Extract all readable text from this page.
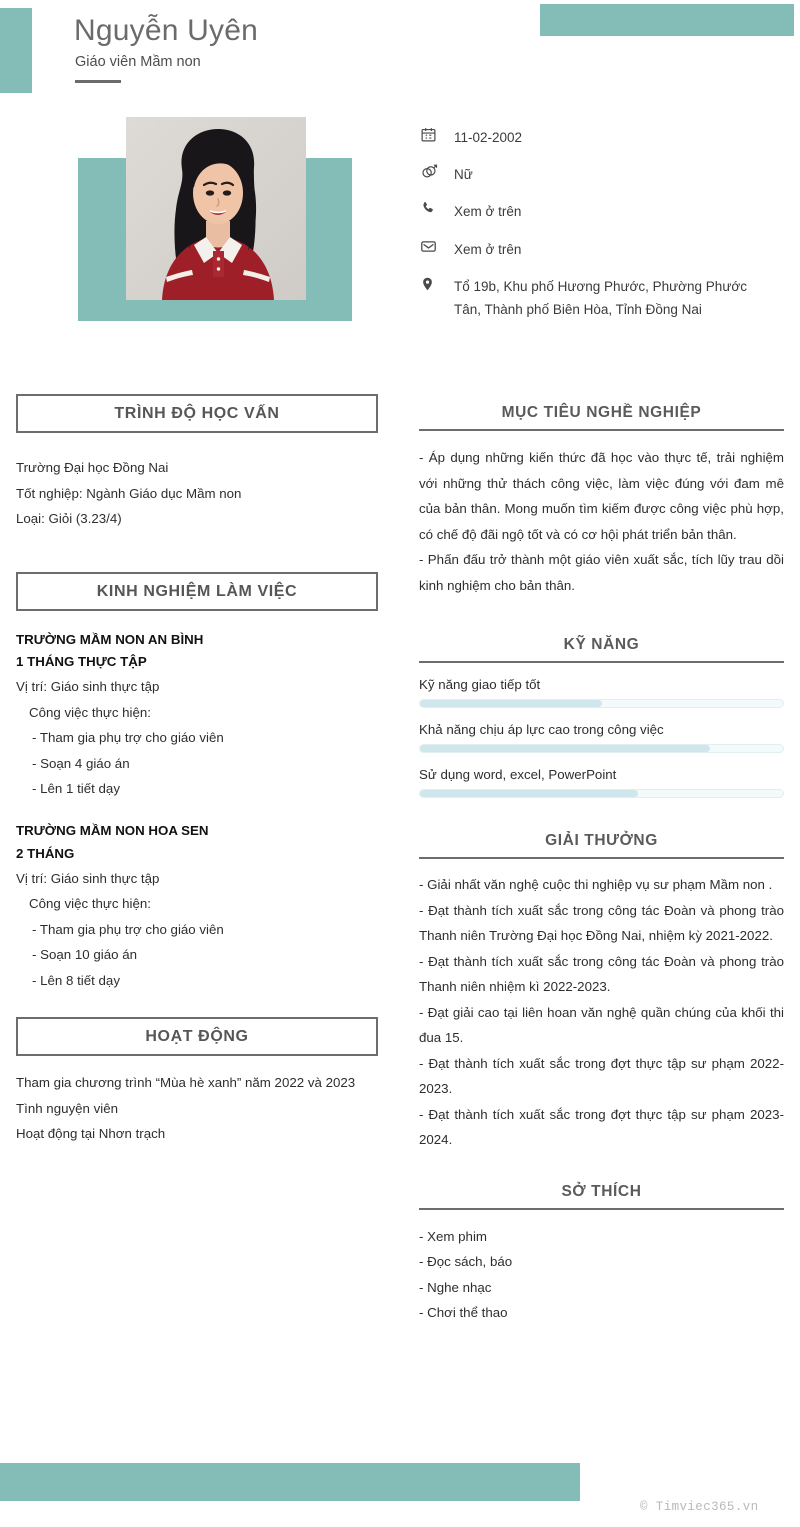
Nguyễn Uyên
Giáo viên Mầm non
11-02-2002
Nữ
Xem ở trên
Xem ở trên
Tổ 19b, Khu phố Hương Phước, Phường Phước Tân, Thành phố Biên Hòa, Tỉnh Đồng Nai
TRÌNH ĐỘ HỌC VẤN
Trường Đại học Đồng Nai
Tốt nghiệp: Ngành Giáo dục Mầm non
Loại: Giỏi (3.23/4)
KINH NGHIỆM LÀM VIỆC
TRƯỜNG MẦM NON AN BÌNH
1 THÁNG THỰC TẬP
Vị trí: Giáo sinh thực tập
Công việc thực hiện:
- Tham gia phụ trợ cho giáo viên
- Soạn 4 giáo án
- Lên 1 tiết dạy
TRƯỜNG MẦM NON HOA SEN
2 THÁNG
Vị trí: Giáo sinh thực tập
Công việc thực hiện:
- Tham gia phụ trợ cho giáo viên
- Soạn 10 giáo án
- Lên 8 tiết dạy
HOẠT ĐỘNG
Tham gia chương trình “Mùa hè xanh” năm 2022 và 2023
Tình nguyện viên
Hoạt động tại Nhơn trạch
MỤC TIÊU NGHỀ NGHIỆP

- Áp dụng những kiến thức đã học vào thực tế, trải nghiệm với những thử thách công việc, làm việc đúng với đam mê của bản thân. Mong muốn tìm kiếm được công việc phù hợp, có chế độ đãi ngộ tốt và có cơ hội phát triển bản thân.

- Phấn đấu trở thành một giáo viên xuất sắc, tích lũy trau dồi kinh nghiệm cho bản thân.

KỸ NĂNG
Kỹ năng giao tiếp tốt
Khả năng chịu áp lực cao trong công việc
Sử dụng word, excel, PowerPoint
GIẢI THƯỞNG
- Giải nhất văn nghệ cuộc thi nghiệp vụ sư phạm Mầm non .
- Đạt thành tích xuất sắc trong công tác Đoàn và phong trào Thanh niên Trường Đại học Đồng Nai, nhiệm kỳ 2021-2022.
- Đạt thành tích xuất sắc trong công tác Đoàn và phong trào Thanh niên nhiệm kì 2022-2023.
- Đạt giải cao tại liên hoan văn nghệ quần chúng của khối thi đua 15.
- Đạt thành tích xuất sắc trong đợt thực tập sư phạm 2022-2023.
- Đạt thành tích xuất sắc trong đợt thực tập sư phạm 2023-2024.
SỞ THÍCH
- Xem phim
- Đọc sách, báo
- Nghe nhạc
- Chơi thể thao
© Timviec365.vn
